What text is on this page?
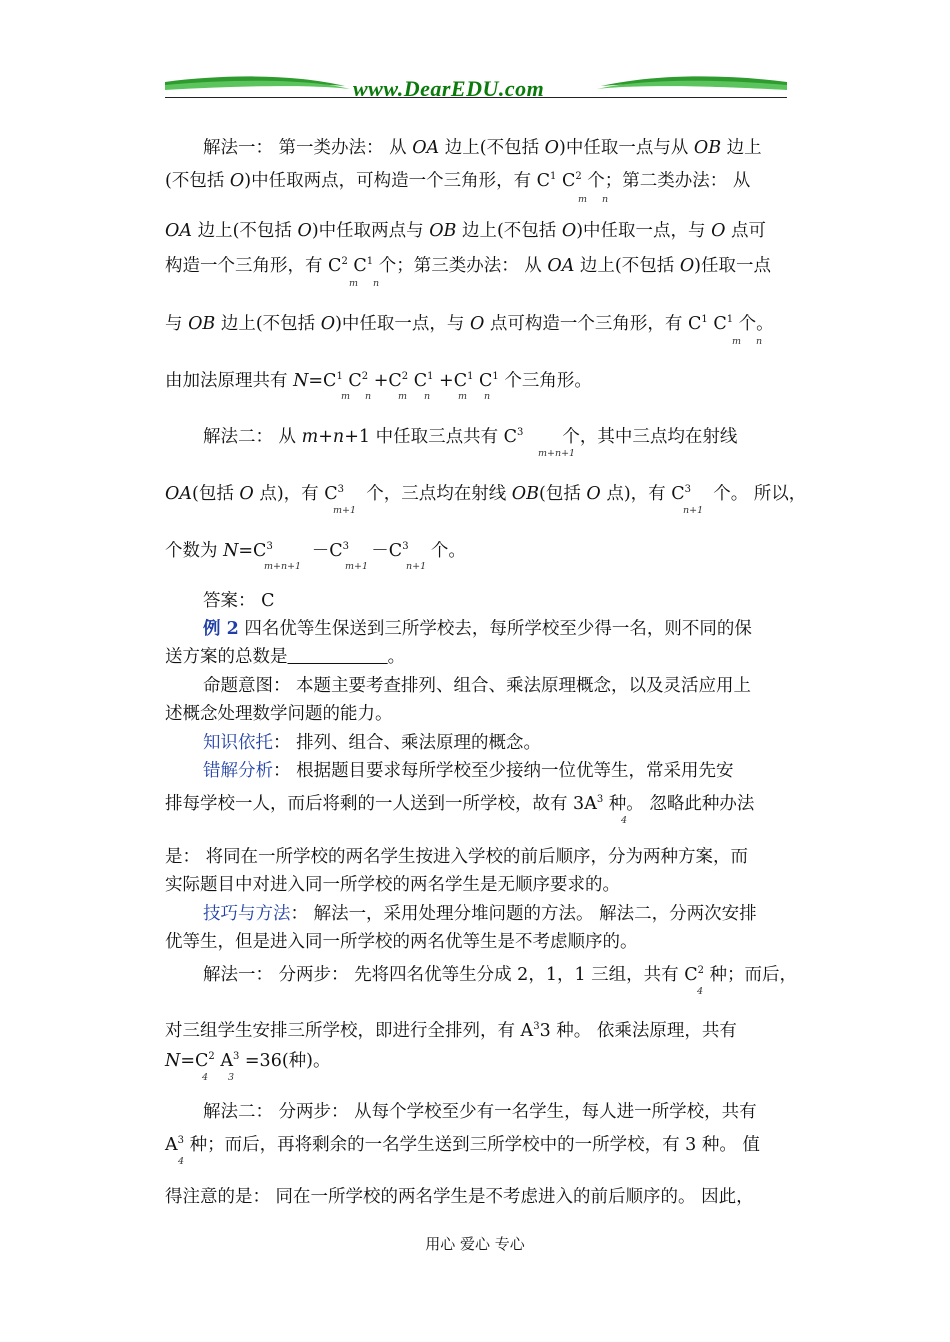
www.DearEDU.com
解法一： 第一类办法： 从 OA 边上(不包括 O)中任取一点与从 OB 边上
(不包括 O)中任取两点，可构造一个三角形，有 $C^1$ $C^2$ 个；第二类办法： 从
m n
OA 边上(不包括 O)中任取两点与 OB 边上(不包括 O)中任取一点，与 O 点可
构造一个三角形，有 $C^2$ $C^1$ 个；第三类办法： 从 OA 边上(不包括 O)任取一点
m n
与 OB 边上(不包括 O)中任取一点，与 O 点可构造一个三角形，有 $C^1$ $C^1$ 个。
m n
由加法原理共有 $N=C^1$ $C^2 +C^2$ $C^1 +C^1$ $C^1$ 个三角形。
m n	m n	m n
解法二： 从 m+n+1 中任取三点共有 $C^3$       个，其中三点均在射线
m+n+1
OA(包括 O 点)，有 $C^3$    个，三点均在射线 OB(包括 O 点)，有 $C^3$    个。 所以，
m+1	n+1
个数为 $N=C^3$       $-C^3$    $-C^3$    个。
m+n+1	m+1	n+1
答案： C
例 2 四名优等生保送到三所学校去，每所学校至少得一名，则不同的保
送方案的总数是	。
命题意图： 本题主要考查排列、组合、乘法原理概念，以及灵活应用上
述概念处理数学问题的能力。
知识依托： 排列、组合、乘法原理的概念。
错解分析： 根据题目要求每所学校至少接纳一位优等生，常采用先安
排每学校一人，而后将剩的一人送到一所学校，故有 $3A^3$ 种。 忽略此种办法
4
是： 将同在一所学校的两名学生按进入学校的前后顺序，分为两种方案，而
实际题目中对进入同一所学校的两名学生是无顺序要求的。
技巧与方法： 解法一，采用处理分堆问题的方法。 解法二，分两次安排
优等生，但是进入同一所学校的两名优等生是不考虑顺序的。
解法一： 分两步： 先将四名优等生分成 2，1，1 三组，共有 $C^2$ 种；而后，
4
对三组学生安排三所学校，即进行全排列，有 $A^33$ 种。 依乘法原理，共有
$N=C^2$ $A^3 =36$(种)。
4 3
解法二： 分两步： 从每个学校至少有一名学生，每人进一所学校，共有
$A^3$ 种；而后，再将剩余的一名学生送到三所学校中的一所学校，有 3 种。 值
4
得注意的是： 同在一所学校的两名学生是不考虑进入的前后顺序的。 因此，
用心 爱心 专心
